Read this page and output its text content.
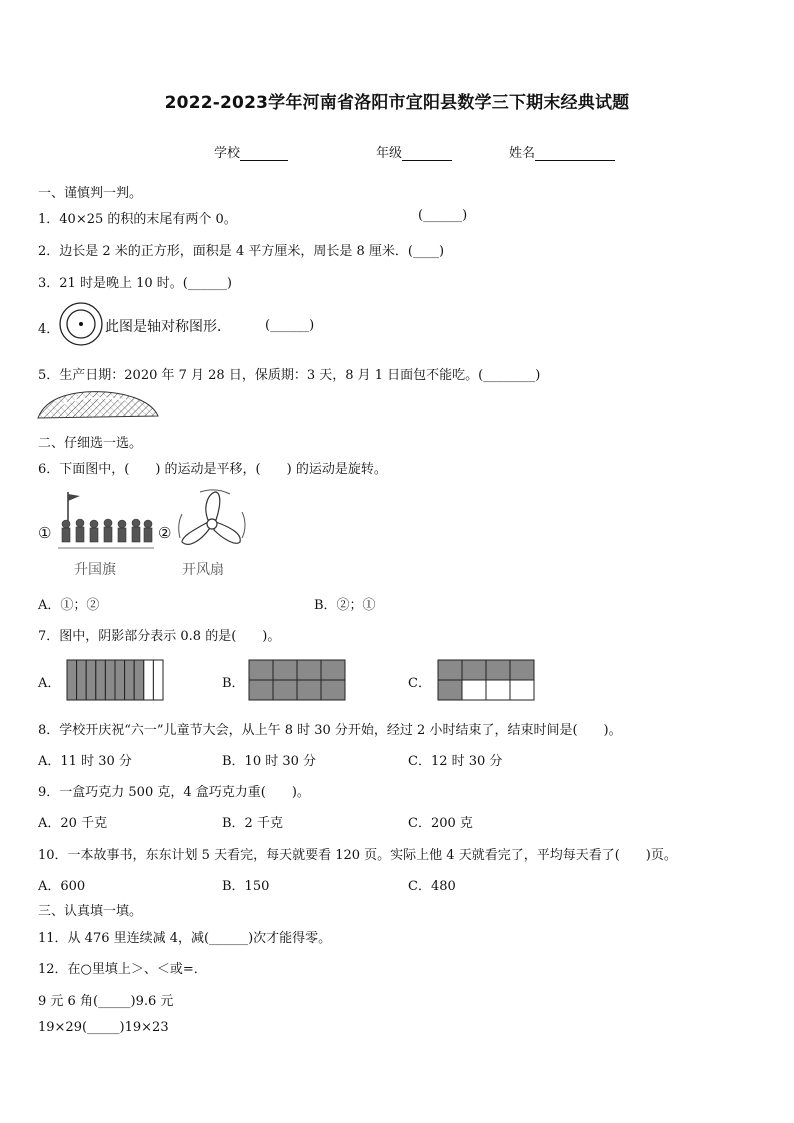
2022-2023学年河南省洛阳市宜阳县数学三下期末经典试题
学校	年级	姓名
一、谨慎判一判。
1．40×25 的积的末尾有两个 0。	(______)
2．边长是 2 米的正方形，面积是 4 平方厘米，周长是 8 厘米．(____)
3．21 时是晚上 10 时。(______)
4．	此图是轴对称图形．	(______)
5．生产日期：2020 年 7 月 28 日，保质期：3 天，8 月 1 日面包不能吃。(________)
二、仔细选一选。
6．下面图中，(　　) 的运动是平移，(　　) 的运动是旋转。
①
升国旗
②
开风扇
A．①；②	B．②；①
7．图中，阴影部分表示 0.8 的是(　　)。
A．	B．	C．
8．学校开庆祝“六一”儿童节大会，从上午 8 时 30 分开始，经过 2 小时结束了，结束时间是(　　)。
A．11 时 30 分	B．10 时 30 分	C．12 时 30 分
9．一盒巧克力 500 克，4 盒巧克力重(　　)。
A．20 千克	B．2 千克	C．200 克
10．一本故事书，东东计划 5 天看完，每天就要看 120 页。实际上他 4 天就看完了，平均每天看了(　　)页。
A．600	B．150	C．480
三、认真填一填。
11．从 476 里连续减 4，减(______)次才能得零。
12．在○里填上＞、＜或=．
9 元 6 角(_____)9.6 元
19×29(_____)19×23
